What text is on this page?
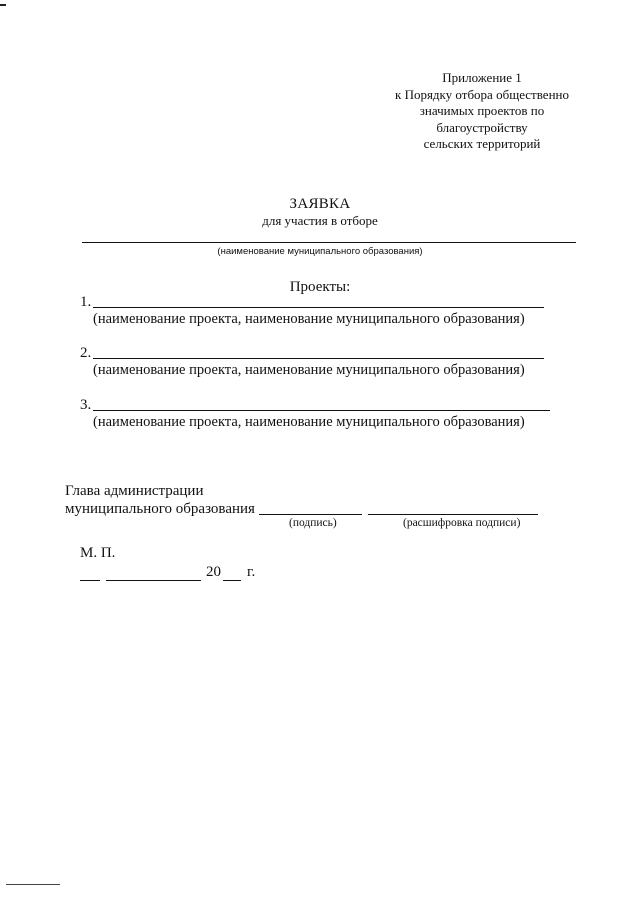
Приложение 1
к Порядку отбора общественно
значимых проектов по
благоустройству
сельских территорий
ЗАЯВКА
для участия в отборе
(наименование муниципального образования)
Проекты:
1.
(наименование проекта, наименование муниципального образования)
2.
(наименование проекта, наименование муниципального образования)
3.
(наименование проекта, наименование муниципального образования)
Глава администрации
муниципального образования
(подпись)	(расшифровка подписи)
М. П.
20 г.
